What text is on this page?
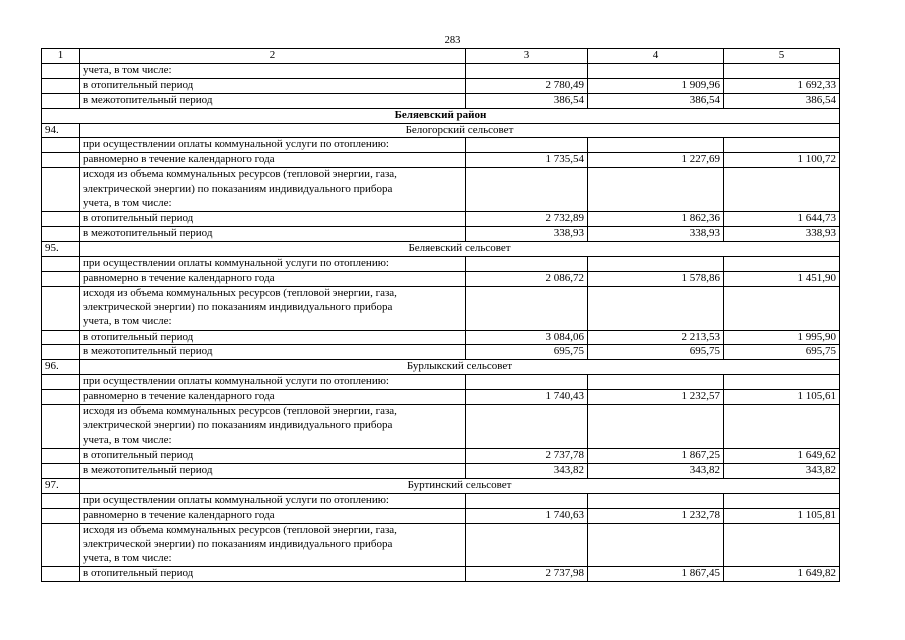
283
1	2	3	4	5
	учета, в том числе:			
	в отопительный период	2 780,49	1 909,96	1 692,33
	в межотопительный период	386,54	386,54	386,54
Беляевский район				
94.	Белогорский сельсовет			
	при осуществлении оплаты коммунальной услуги по отоплению:			
	равномерно в течение календарного года	1 735,54	1 227,69	1 100,72

	исходя из объема коммунальных ресурсов (тепловой энергии, газа,
электрической энергии) по показаниям индивидуального прибора
учета, в том числе:			

	в отопительный период	2 732,89	1 862,36	1 644,73
	в межотопительный период	338,93	338,93	338,93
95.	Беляевский сельсовет			
	при осуществлении оплаты коммунальной услуги по отоплению:			
	равномерно в течение календарного года	2 086,72	1 578,86	1 451,90

	исходя из объема коммунальных ресурсов (тепловой энергии, газа,
электрической энергии) по показаниям индивидуального прибора
учета, в том числе:			

	в отопительный период	3 084,06	2 213,53	1 995,90
	в межотопительный период	695,75	695,75	695,75
96.	Бурлыкский сельсовет			
	при осуществлении оплаты коммунальной услуги по отоплению:			
	равномерно в течение календарного года	1 740,43	1 232,57	1 105,61

	исходя из объема коммунальных ресурсов (тепловой энергии, газа,
электрической энергии) по показаниям индивидуального прибора
учета, в том числе:			

	в отопительный период	2 737,78	1 867,25	1 649,62
	в межотопительный период	343,82	343,82	343,82
97.	Буртинский сельсовет			
	при осуществлении оплаты коммунальной услуги по отоплению:			
	равномерно в течение календарного года	1 740,63	1 232,78	1 105,81

	исходя из объема коммунальных ресурсов (тепловой энергии, газа,
электрической энергии) по показаниям индивидуального прибора
учета, в том числе:			

	в отопительный период	2 737,98	1 867,45	1 649,82
